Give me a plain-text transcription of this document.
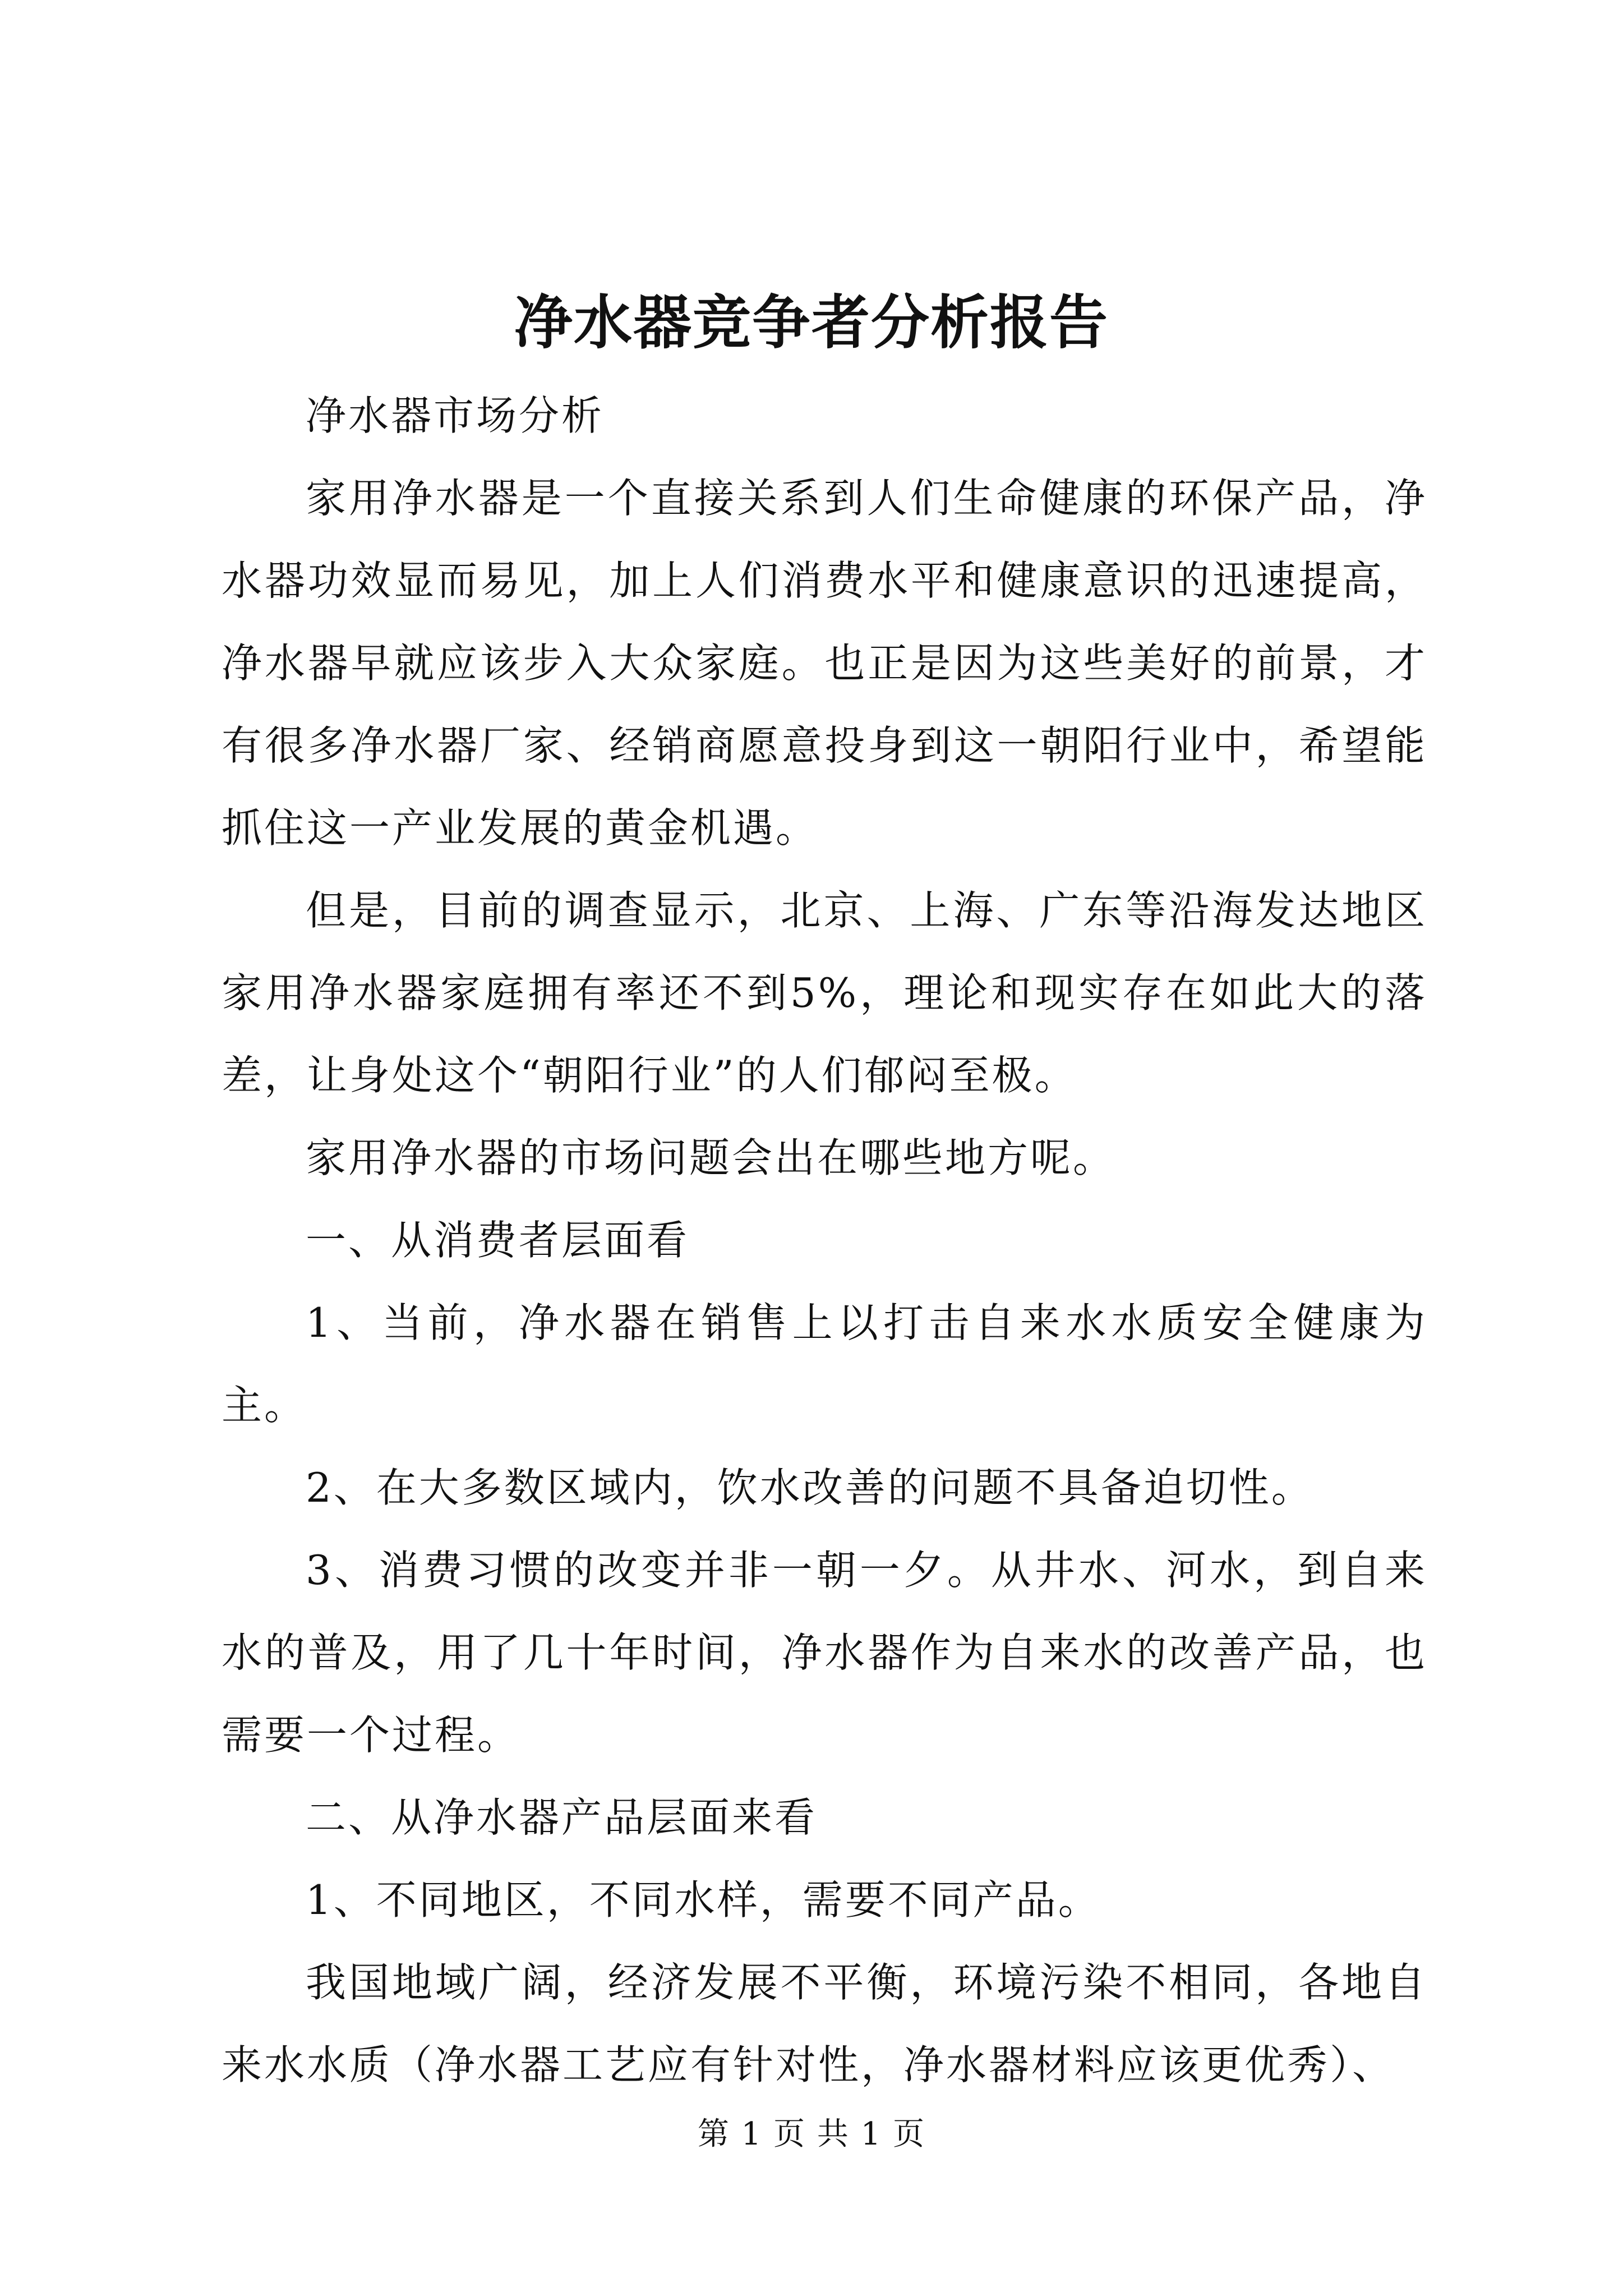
净水器竞争者分析报告

净水器市场分析

家用净水器是一个直接关系到人们生命健康的环保产品，净水器功效显而易见，加上人们消费水平和健康意识的迅速提高，净水器早就应该步入大众家庭。也正是因为这些美好的前景，才有很多净水器厂家、经销商愿意投身到这一朝阳行业中，希望能抓住这一产业发展的黄金机遇。

但是，目前的调查显示，北京、上海、广东等沿海发达地区家用净水器家庭拥有率还不到5%，理论和现实存在如此大的落差，让身处这个“朝阳行业”的人们郁闷至极。

家用净水器的市场问题会出在哪些地方呢。

一、从消费者层面看

1、当前，净水器在销售上以打击自来水水质安全健康为主。

2、在大多数区域内，饮水改善的问题不具备迫切性。

3、消费习惯的改变并非一朝一夕。从井水、河水，到自来水的普及，用了几十年时间，净水器作为自来水的改善产品，也需要一个过程。

二、从净水器产品层面来看

1、不同地区，不同水样，需要不同产品。

我国地域广阔，经济发展不平衡，环境污染不相同，各地自来水水质（净水器工艺应有针对性，净水器材料应该更优秀）、

第 1 页 共 1 页
